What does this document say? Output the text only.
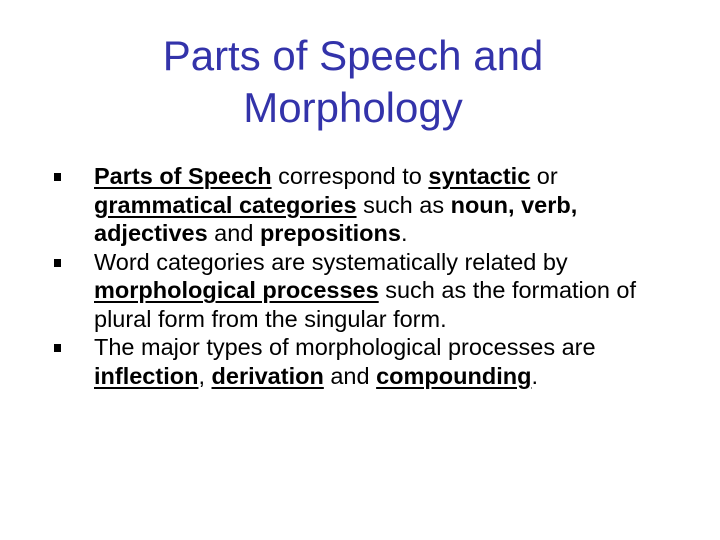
Parts of Speech and
Morphology
Parts of Speech correspond to syntactic or grammatical categories such as noun, verb, adjectives and prepositions.
Word categories are systematically related by morphological processes such as the formation of plural form from the singular form.
The major types of morphological processes are inflection, derivation and compounding.
